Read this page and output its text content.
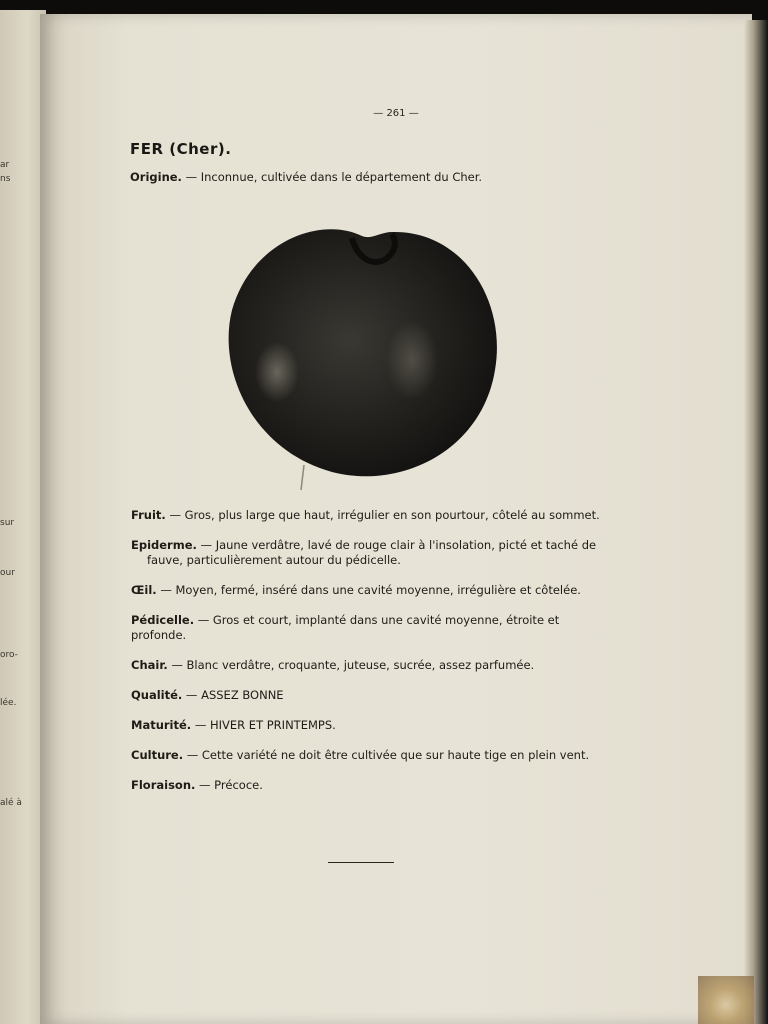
ar
ns
sur
our
oro-
lée.
alé à
— 261 —
FER (Cher).
Origine. — Inconnue, cultivée dans le département du Cher.

Fruit. — Gros, plus large que haut, irrégulier en son pourtour, côtelé au sommet.

Epiderme. — Jaune verdâtre, lavé de rouge clair à l'insolation, picté et taché de
fauve, particulièrement autour du pédicelle.

Œil. — Moyen, fermé, inséré dans une cavité moyenne, irrégulière et côtelée.

Pédicelle. — Gros et court, implanté dans une cavité moyenne, étroite et profonde.

Chair. — Blanc verdâtre, croquante, juteuse, sucrée, assez parfumée.

Qualité. — ASSEZ BONNE

Maturité. — HIVER ET PRINTEMPS.

Culture. — Cette variété ne doit être cultivée que sur haute tige en plein vent.

Floraison. — Précoce.
